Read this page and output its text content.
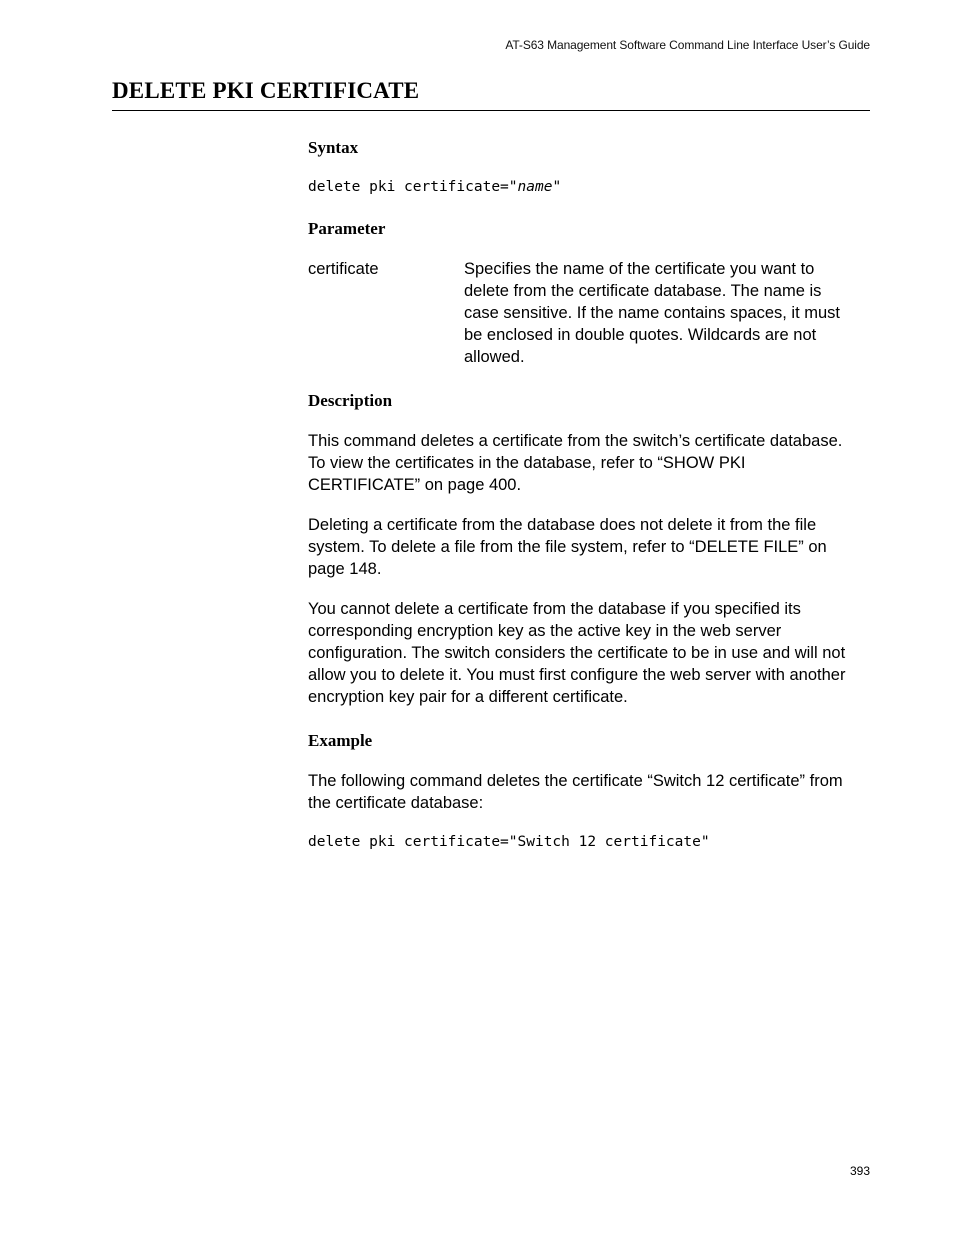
AT-S63 Management Software Command Line Interface User’s Guide
DELETE PKI CERTIFICATE
Syntax

delete pki certificate="name"

Parameter
certificate	Specifies the name of the certificate you want to delete from the certificate database. The name is case sensitive. If the name contains spaces, it must be enclosed in double quotes. Wildcards are not allowed.
Description

This command deletes a certificate from the switch’s certificate database. To view the certificates in the database, refer to “SHOW PKI CERTIFICATE” on page 400.

Deleting a certificate from the database does not delete it from the file system. To delete a file from the file system, refer to “DELETE FILE” on page 148.

You cannot delete a certificate from the database if you specified its corresponding encryption key as the active key in the web server configuration. The switch considers the certificate to be in use and will not allow you to delete it. You must first configure the web server with another encryption key pair for a different certificate.

Example

The following command deletes the certificate “Switch 12 certificate” from the certificate database:

delete pki certificate="Switch 12 certificate"

393
